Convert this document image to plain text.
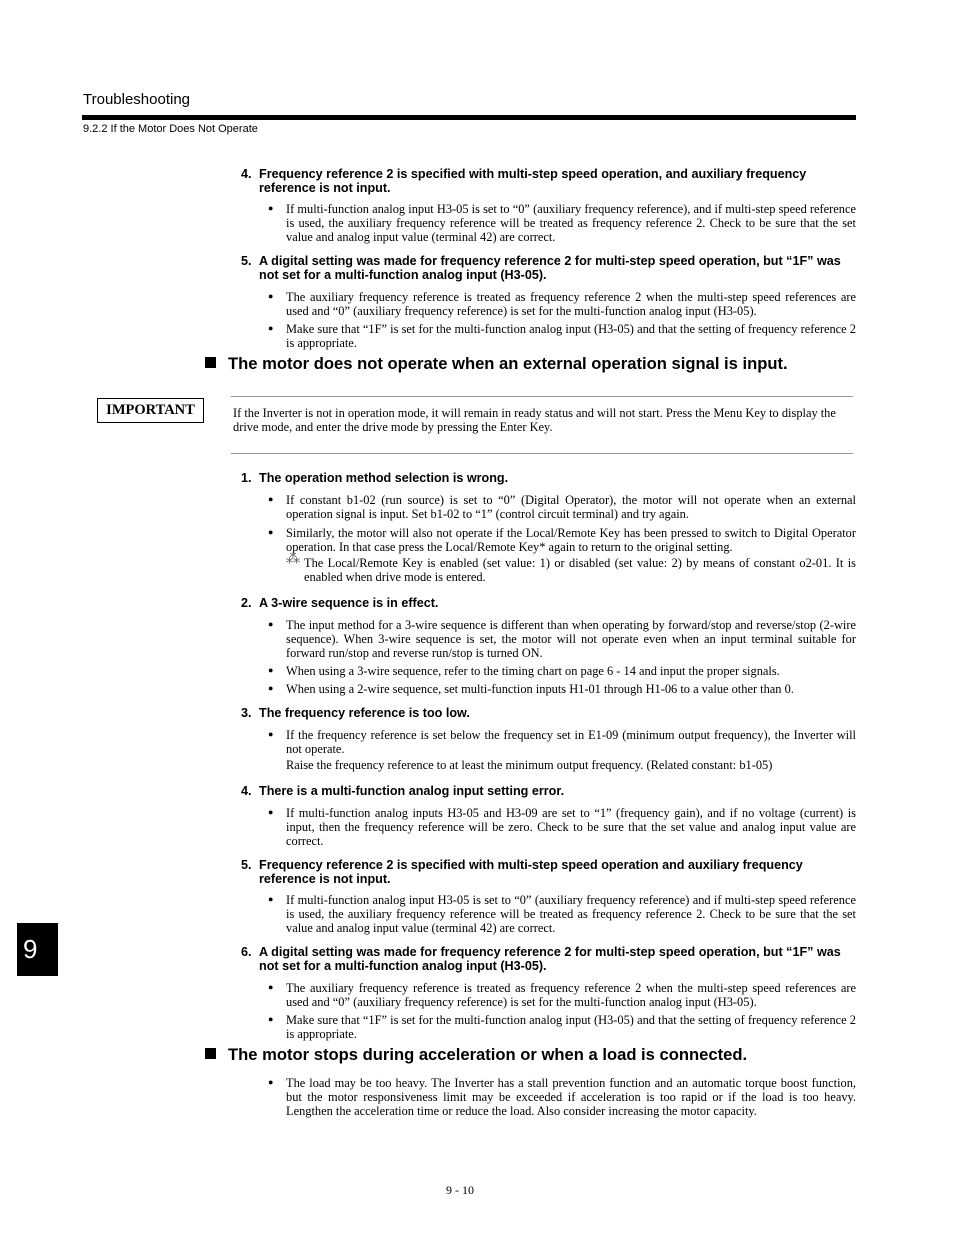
Troubleshooting
9.2.2 If the Motor Does Not Operate
4. Frequency reference 2 is specified with multi-step speed operation, and auxiliary frequency reference is not input.
●	If multi-function analog input H3-05 is set to “0” (auxiliary frequency reference), and if multi-step speed reference is used, the auxiliary frequency reference will be treated as frequency reference 2. Check to be sure that the set value and analog input value (terminal 42) are correct.
5. A digital setting was made for frequency reference 2 for multi-step speed operation, but “1F” was not set for a multi-function analog input (H3-05).
●	The auxiliary frequency reference is treated as frequency reference 2 when the multi-step speed references are used and “0” (auxiliary frequency reference) is set for the multi-function analog input (H3-05).
●	Make sure that “1F” is set for the multi-function analog input (H3-05) and that the setting of frequency reference 2 is appropriate.
The motor does not operate when an external operation signal is input.
IMPORTANT	If the Inverter is not in operation mode, it will remain in ready status and will not start. Press the Menu Key to display the drive mode, and enter the drive mode by pressing the Enter Key.
1. The operation method selection is wrong.
●	If constant b1-02 (run source) is set to “0” (Digital Operator), the motor will not operate when an external operation signal is input. Set b1-02 to “1” (control circuit terminal) and try again.
●	Similarly, the motor will also not operate if the Local/Remote Key has been pressed to switch to Digital Operator operation. In that case press the Local/Remote Key* again to return to the original setting.
⁂ The Local/Remote Key is enabled (set value: 1) or disabled (set value: 2) by means of constant o2-01. It is enabled when drive mode is entered.
2. A 3-wire sequence is in effect.
●	The input method for a 3-wire sequence is different than when operating by forward/stop and reverse/stop (2-wire sequence). When 3-wire sequence is set, the motor will not operate even when an input terminal suitable for forward run/stop and reverse run/stop is turned ON.
●	When using a 3-wire sequence, refer to the timing chart on page 6 - 14 and input the proper signals.
●	When using a 2-wire sequence, set multi-function inputs H1-01 through H1-06 to a value other than 0.
3. The frequency reference is too low.
●	If the frequency reference is set below the frequency set in E1-09 (minimum output frequency), the Inverter will not operate.
Raise the frequency reference to at least the minimum output frequency. (Related constant: b1-05)
4. There is a multi-function analog input setting error.
●	If multi-function analog inputs H3-05 and H3-09 are set to “1” (frequency gain), and if no voltage (current) is input, then the frequency reference will be zero. Check to be sure that the set value and analog input value are correct.
5. Frequency reference 2 is specified with multi-step speed operation and auxiliary frequency reference is not input.
●	If multi-function analog input H3-05 is set to “0” (auxiliary frequency reference) and if multi-step speed reference is used, the auxiliary frequency reference will be treated as frequency reference 2. Check to be sure that the set value and analog input value (terminal 42) are correct.
6. A digital setting was made for frequency reference 2 for multi-step speed operation, but “1F” was not set for a multi-function analog input (H3-05).
●	The auxiliary frequency reference is treated as frequency reference 2 when the multi-step speed references are used and “0” (auxiliary frequency reference) is set for the multi-function analog input (H3-05).
●	Make sure that “1F” is set for the multi-function analog input (H3-05) and that the setting of frequency reference 2 is appropriate.
The motor stops during acceleration or when a load is connected.
●	The load may be too heavy. The Inverter has a stall prevention function and an automatic torque boost function, but the motor responsiveness limit may be exceeded if acceleration is too rapid or if the load is too heavy. Lengthen the acceleration time or reduce the load. Also consider increasing the motor capacity.
9
9 - 10
